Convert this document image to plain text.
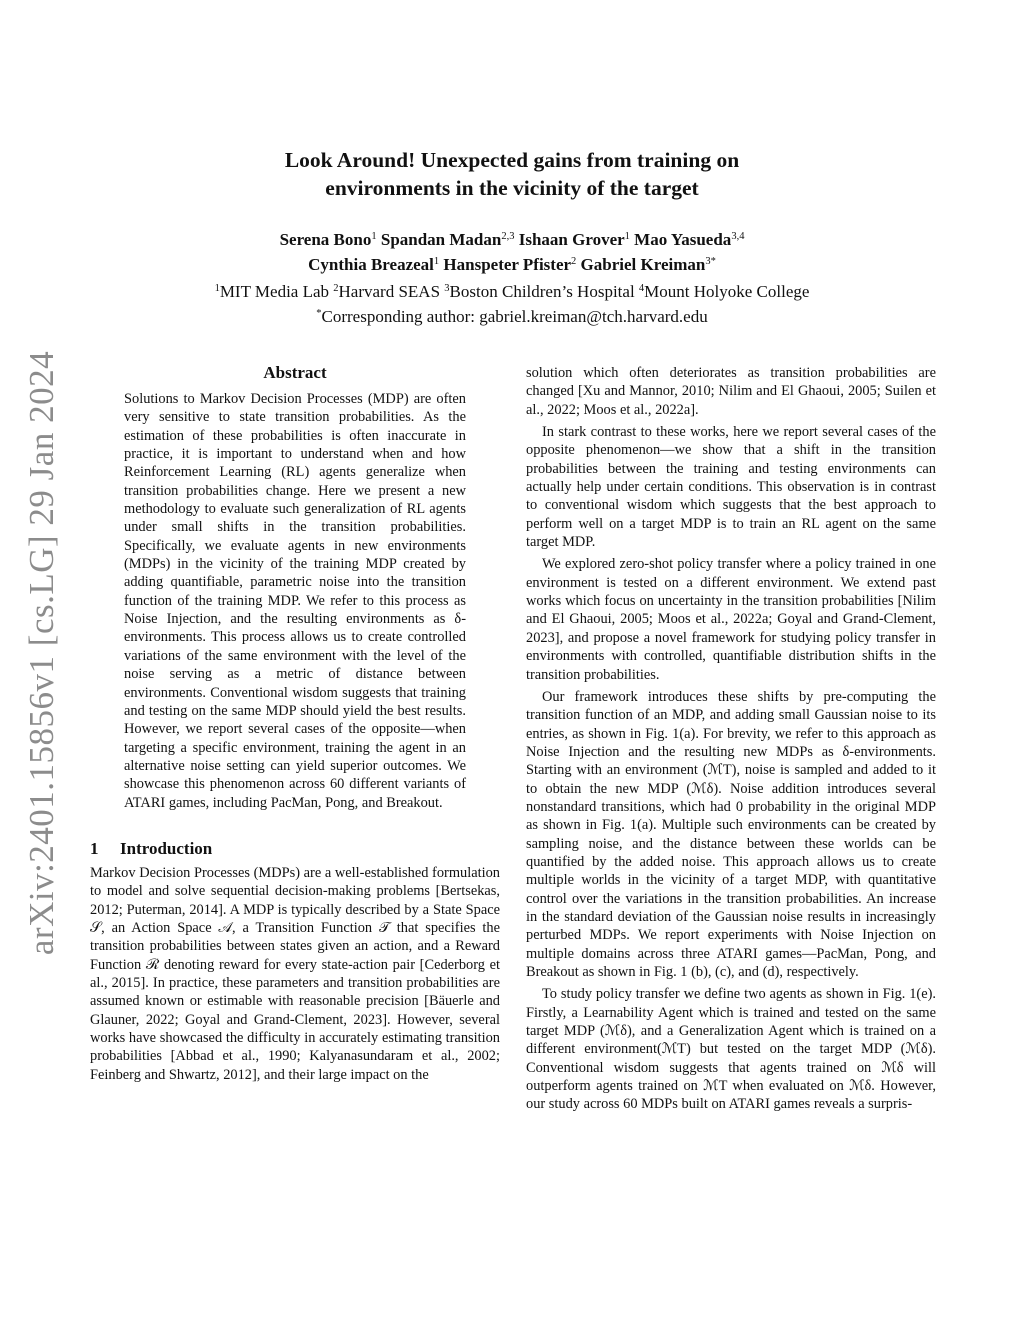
arXiv:2401.15856v1 [cs.LG] 29 Jan 2024
Look Around! Unexpected gains from training on
environments in the vicinity of the target
Serena Bono$^1$ Spandan Madan$^{2,3}$ Ishaan Grover$^1$ Mao Yasueda$^{3,4}$
Cynthia Breazeal$^1$ Hanspeter Pfister$^2$ Gabriel Kreiman$^{3*}$
$^1$MIT Media Lab $^2$Harvard SEAS $^3$Boston Children’s Hospital $^4$Mount Holyoke College
*Corresponding author: gabriel.kreiman@tch.harvard.edu
Abstract

Solutions to Markov Decision Processes (MDP) are often very sensitive to state transition probabilities. As the estimation of these probabilities is often inaccurate in practice, it is important to understand when and how Reinforcement Learning (RL) agents generalize when transition probabilities change. Here we present a new methodology to evaluate such generalization of RL agents under small shifts in the transition probabilities. Specifically, we evaluate agents in new environments (MDPs) in the vicinity of the training MDP created by adding quantifiable, parametric noise into the transition function of the training MDP. We refer to this process as Noise Injection, and the resulting environments as δ-environments. This process allows us to create controlled variations of the same environment with the level of the noise serving as a metric of distance between environments. Conventional wisdom suggests that training and testing on the same MDP should yield the best results. However, we report several cases of the opposite—when targeting a specific environment, training the agent in an alternative noise setting can yield superior outcomes. We showcase this phenomenon across 60 different variants of ATARI games, including PacMan, Pong, and Breakout.

1 Introduction

Markov Decision Processes (MDPs) are a well-established formulation to model and solve sequential decision-making problems [Bertsekas, 2012; Puterman, 2014]. A MDP is typically described by a State Space 𝒮, an Action Space 𝒜, a Transition Function 𝒯 that specifies the transition probabilities between states given an action, and a Reward Function ℛ denoting reward for every state-action pair [Cederborg et al., 2015]. In practice, these parameters and transition probabilities are assumed known or estimable with reasonable precision [Bäuerle and Glauner, 2022; Goyal and Grand-Clement, 2023]. However, several works have showcased the difficulty in accurately estimating transition probabilities [Abbad et al., 1990; Kalyanasundaram et al., 2002; Feinberg and Shwartz, 2012], and their large impact on the

solution which often deteriorates as transition probabilities are changed [Xu and Mannor, 2010; Nilim and El Ghaoui, 2005; Suilen et al., 2022; Moos et al., 2022a].

In stark contrast to these works, here we report several cases of the opposite phenomenon—we show that a shift in the transition probabilities between the training and testing environments can actually help under certain conditions. This observation is in contrast to conventional wisdom which suggests that the best approach to perform well on a target MDP is to train an RL agent on the same target MDP.

We explored zero-shot policy transfer where a policy trained in one environment is tested on a different environment. We extend past works which focus on uncertainty in the transition probabilities [Nilim and El Ghaoui, 2005; Moos et al., 2022a; Goyal and Grand-Clement, 2023], and propose a novel framework for studying policy transfer in environments with controlled, quantifiable distribution shifts in the transition probabilities.

Our framework introduces these shifts by pre-computing the transition function of an MDP, and adding small Gaussian noise to its entries, as shown in Fig. 1(a). For brevity, we refer to this approach as Noise Injection and the resulting new MDPs as δ-environments. Starting with an environment (ℳT), noise is sampled and added to it to obtain the new MDP (ℳδ). Noise addition introduces several nonstandard transitions, which had 0 probability in the original MDP as shown in Fig. 1(a). Multiple such environments can be created by sampling noise, and the distance between these worlds can be quantified by the added noise. This approach allows us to create multiple worlds in the vicinity of a target MDP, with quantitative control over the variations in the transition probabilities. An increase in the standard deviation of the Gaussian noise results in increasingly perturbed MDPs. We report experiments with Noise Injection on multiple domains across three ATARI games—PacMan, Pong, and Breakout as shown in Fig. 1 (b), (c), and (d), respectively.

To study policy transfer we define two agents as shown in Fig. 1(e). Firstly, a Learnability Agent which is trained and tested on the same target MDP (ℳδ), and a Generalization Agent which is trained on a different environment(ℳT) but tested on the target MDP (ℳδ). Conventional wisdom suggests that agents trained on ℳδ will outperform agents trained on ℳT when evaluated on ℳδ. However, our study across 60 MDPs built on ATARI games reveals a surpris-
